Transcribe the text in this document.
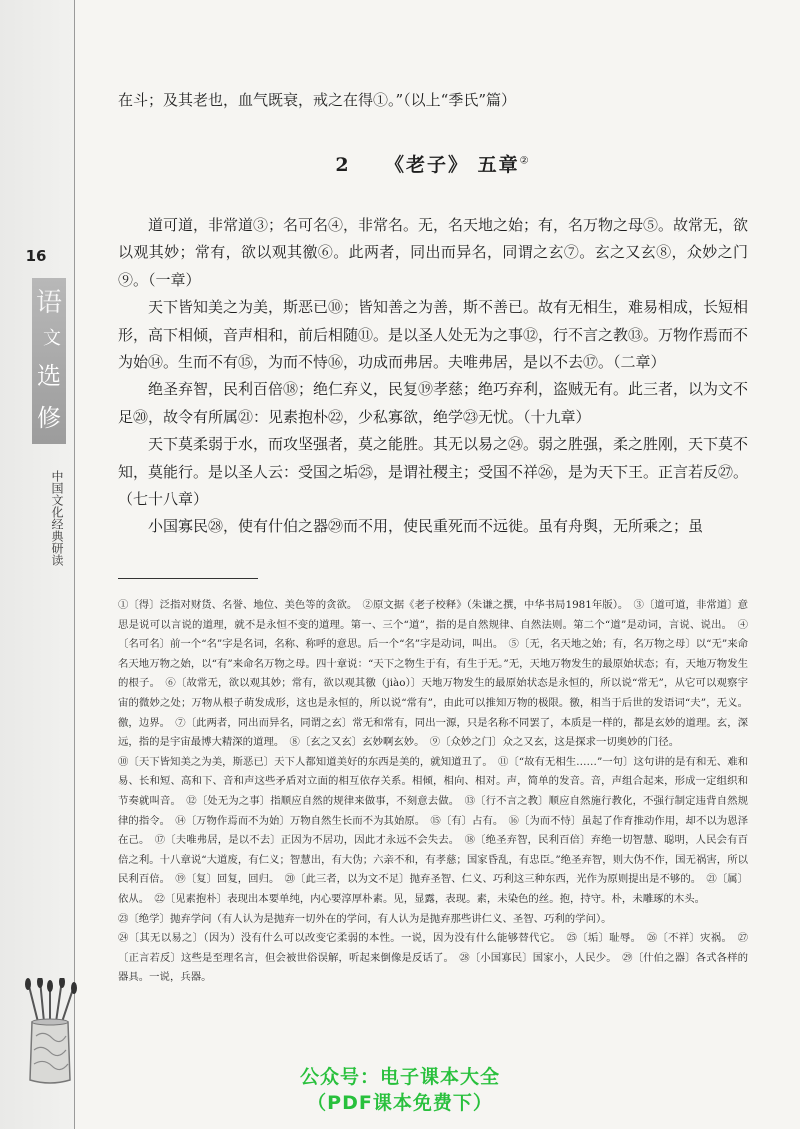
16
语
文
选
修
中国文化经典研读
在斗；及其老也，血气既衰，戒之在得①。”（以上“季氏”篇）
2 《老子》 五章②

道可道，非常道③；名可名④，非常名。无，名天地之始；有，名万物之母⑤。故常无，欲以观其妙；常有，欲以观其徼⑥。此两者，同出而异名，同谓之玄⑦。玄之又玄⑧，众妙之门⑨。（一章）

天下皆知美之为美，斯恶已⑩；皆知善之为善，斯不善已。故有无相生，难易相成，长短相形，高下相倾，音声相和，前后相随⑪。是以圣人处无为之事⑫，行不言之教⑬。万物作焉而不为始⑭。生而不有⑮，为而不恃⑯，功成而弗居。夫唯弗居，是以不去⑰。（二章）

绝圣弃智，民利百倍⑱；绝仁弃义，民复⑲孝慈；绝巧弃利，盗贼无有。此三者，以为文不足⑳，故令有所属㉑：见素抱朴㉒，少私寡欲，绝学㉓无忧。（十九章）

天下莫柔弱于水，而攻坚强者，莫之能胜。其无以易之㉔。弱之胜强，柔之胜刚，天下莫不知，莫能行。是以圣人云：受国之垢㉕，是谓社稷主；受国不祥㉖，是为天下王。正言若反㉗。（七十八章）

小国寡民㉘，使有什伯之器㉙而不用，使民重死而不远徙。虽有舟舆，无所乘之；虽

①〔得〕泛指对财货、名誉、地位、美色等的贪欲。　②原文据《老子校释》（朱谦之撰，中华书局1981年版）。　③〔道可道，非常道〕意思是说可以言说的道理，就不是永恒不变的道理。第一、三个“道”，指的是自然规律、自然法则。第二个“道”是动词，言说、说出。　④〔名可名〕前一个“名”字是名词，名称、称呼的意思。后一个“名”字是动词，叫出。　⑤〔无，名天地之始；有，名万物之母〕以“无”来命名天地万物之始，以“有”来命名万物之母。四十章说：“天下之物生于有，有生于无。”无，天地万物发生的最原始状态；有，天地万物发生的根子。　⑥〔故常无，欲以观其妙；常有，欲以观其徼（jiào）〕天地万物发生的最原始状态是永恒的，所以说“常无”，从它可以观察宇宙的微妙之处；万物从根子萌发成形，这也是永恒的，所以说“常有”，由此可以推知万物的极限。徼，相当于后世的发语词“夫”，无义。徼，边界。　⑦〔此两者，同出而异名，同谓之玄〕常无和常有，同出一源，只是名称不同罢了，本质是一样的，都是玄妙的道理。玄，深远，指的是宇宙最博大精深的道理。　⑧〔玄之又玄〕玄妙啊玄妙。　⑨〔众妙之门〕众之又玄，这是探求一切奥妙的门径。

⑩〔天下皆知美之为美，斯恶已〕天下人都知道美好的东西是美的，就知道丑了。　⑪〔“故有无相生……”一句〕这句讲的是有和无、难和易、长和短、高和下、音和声这些矛盾对立面的相互依存关系。相倾，相向、相对。声，简单的发音。音，声组合起来，形成一定组织和节奏就叫音。　⑫〔处无为之事〕指顺应自然的规律来做事，不刻意去做。　⑬〔行不言之教〕顺应自然施行教化，不强行制定违背自然规律的指令。　⑭〔万物作焉而不为始〕万物自然生长而不为其始原。　⑮〔有〕占有。　⑯〔为而不恃〕虽起了作育推动作用，却不以为恩泽在己。　⑰〔夫唯弗居，是以不去〕正因为不居功，因此才永远不会失去。　⑱〔绝圣弃智，民利百倍〕弃绝一切智慧、聪明，人民会有百倍之利。十八章说“大道废，有仁义；智慧出，有大伪；六亲不和，有孝慈；国家昏乱，有忠臣。”绝圣弃智，则大伪不作，国无祸害，所以民利百倍。　⑲〔复〕回复，回归。　⑳〔此三者，以为文不足〕抛弃圣智、仁义、巧利这三种东西，光作为原则提出是不够的。　㉑〔属〕依从。　㉒〔见素抱朴〕表现出本要单纯，内心要淳厚朴素。见，显露，表现。素，未染色的丝。抱，持守。朴，未雕琢的木头。

㉓〔绝学〕抛弃学问（有人认为是抛弃一切外在的学问，有人认为是抛弃那些讲仁义、圣智、巧利的学问）。

㉔〔其无以易之〕（因为）没有什么可以改变它柔弱的本性。一说，因为没有什么能够替代它。　㉕〔垢〕耻辱。　㉖〔不祥〕灾祸。　㉗〔正言若反〕这些是至理名言，但会被世俗误解，听起来倒像是反话了。　㉘〔小国寡民〕国家小，人民少。　㉙〔什伯之器〕各式各样的器具。一说，兵器。

公众号：电子课本大全
（PDF课本免费下）
